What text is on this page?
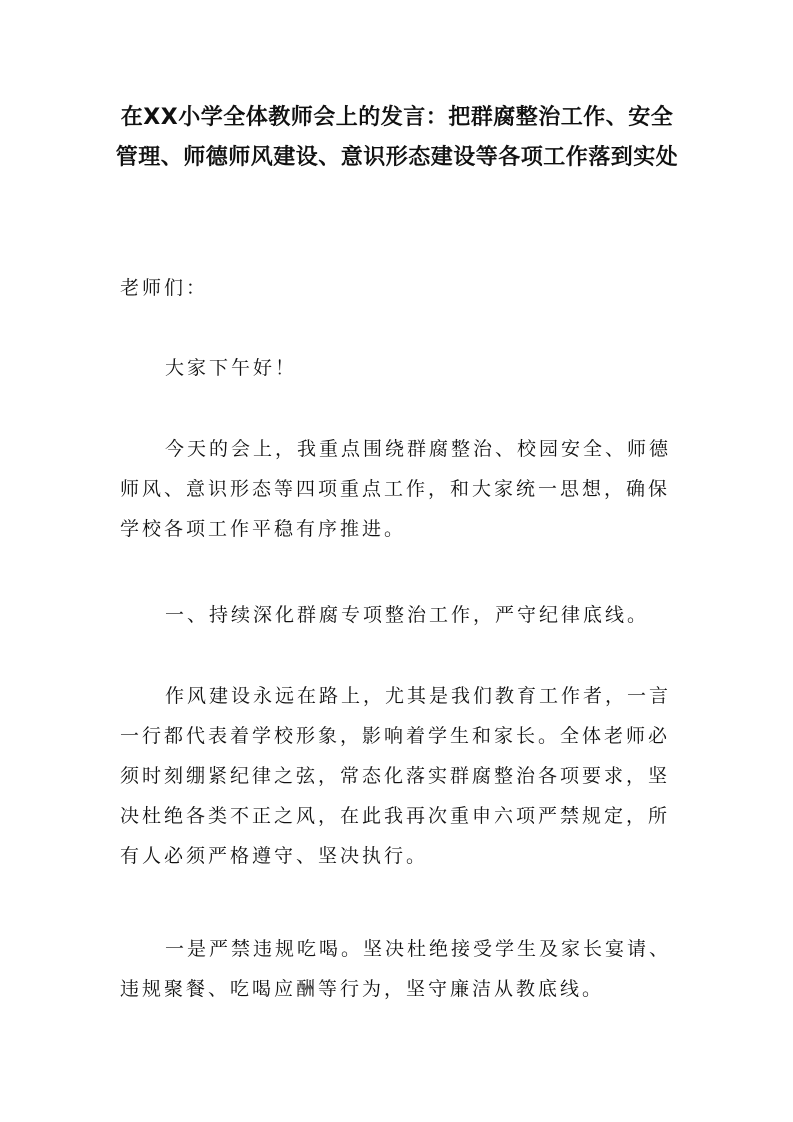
在XX小学全体教师会上的发言：把群腐整治工作、安全管理、师德师风建设、意识形态建设等各项工作落到实处

老师们：

大家下午好！

今天的会上，我重点围绕群腐整治、校园安全、师德师风、意识形态等四项重点工作，和大家统一思想，确保学校各项工作平稳有序推进。

一、持续深化群腐专项整治工作，严守纪律底线。

作风建设永远在路上，尤其是我们教育工作者，一言一行都代表着学校形象，影响着学生和家长。全体老师必须时刻绷紧纪律之弦，常态化落实群腐整治各项要求，坚决杜绝各类不正之风，在此我再次重申六项严禁规定，所有人必须严格遵守、坚决执行。

一是严禁违规吃喝。坚决杜绝接受学生及家长宴请、违规聚餐、吃喝应酬等行为，坚守廉洁从教底线。
